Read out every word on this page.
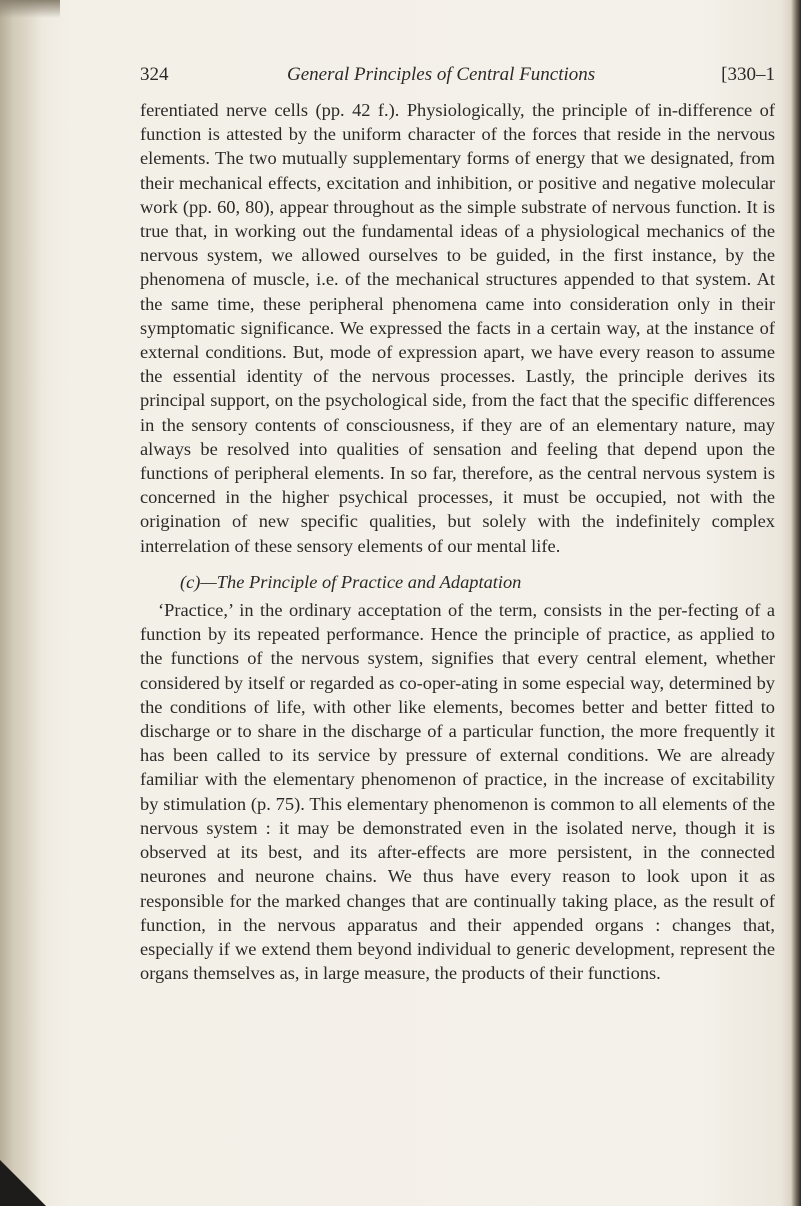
324	General Principles of Central Functions	[330–1

ferentiated nerve cells (pp. 42 f.). Physiologically, the principle of in-difference of function is attested by the uniform character of the forces that reside in the nervous elements. The two mutually supplementary forms of energy that we designated, from their mechanical effects, excitation and inhibition, or positive and negative molecular work (pp. 60, 80), appear throughout as the simple substrate of nervous function. It is true that, in working out the fundamental ideas of a physiological mechanics of the nervous system, we allowed ourselves to be guided, in the first instance, by the phenomena of muscle, i.e. of the mechanical structures appended to that system. At the same time, these peripheral phenomena came into consideration only in their symptomatic significance. We expressed the facts in a certain way, at the instance of external conditions. But, mode of expression apart, we have every reason to assume the essential identity of the nervous processes. Lastly, the principle derives its principal support, on the psychological side, from the fact that the specific differences in the sensory contents of consciousness, if they are of an elementary nature, may always be resolved into qualities of sensation and feeling that depend upon the functions of peripheral elements. In so far, therefore, as the central nervous system is concerned in the higher psychical processes, it must be occupied, not with the origination of new specific qualities, but solely with the indefinitely complex interrelation of these sensory elements of our mental life.

(c)—The Principle of Practice and Adaptation

‘Practice,’ in the ordinary acceptation of the term, consists in the per-fecting of a function by its repeated performance. Hence the principle of practice, as applied to the functions of the nervous system, signifies that every central element, whether considered by itself or regarded as co-oper-ating in some especial way, determined by the conditions of life, with other like elements, becomes better and better fitted to discharge or to share in the discharge of a particular function, the more frequently it has been called to its service by pressure of external conditions. We are already familiar with the elementary phenomenon of practice, in the increase of excitability by stimulation (p. 75). This elementary phenomenon is common to all elements of the nervous system : it may be demonstrated even in the isolated nerve, though it is observed at its best, and its after-effects are more persistent, in the connected neurones and neurone chains. We thus have every reason to look upon it as responsible for the marked changes that are continually taking place, as the result of function, in the nervous apparatus and their appended organs : changes that, especially if we extend them beyond individual to generic development, represent the organs themselves as, in large measure, the products of their functions.
